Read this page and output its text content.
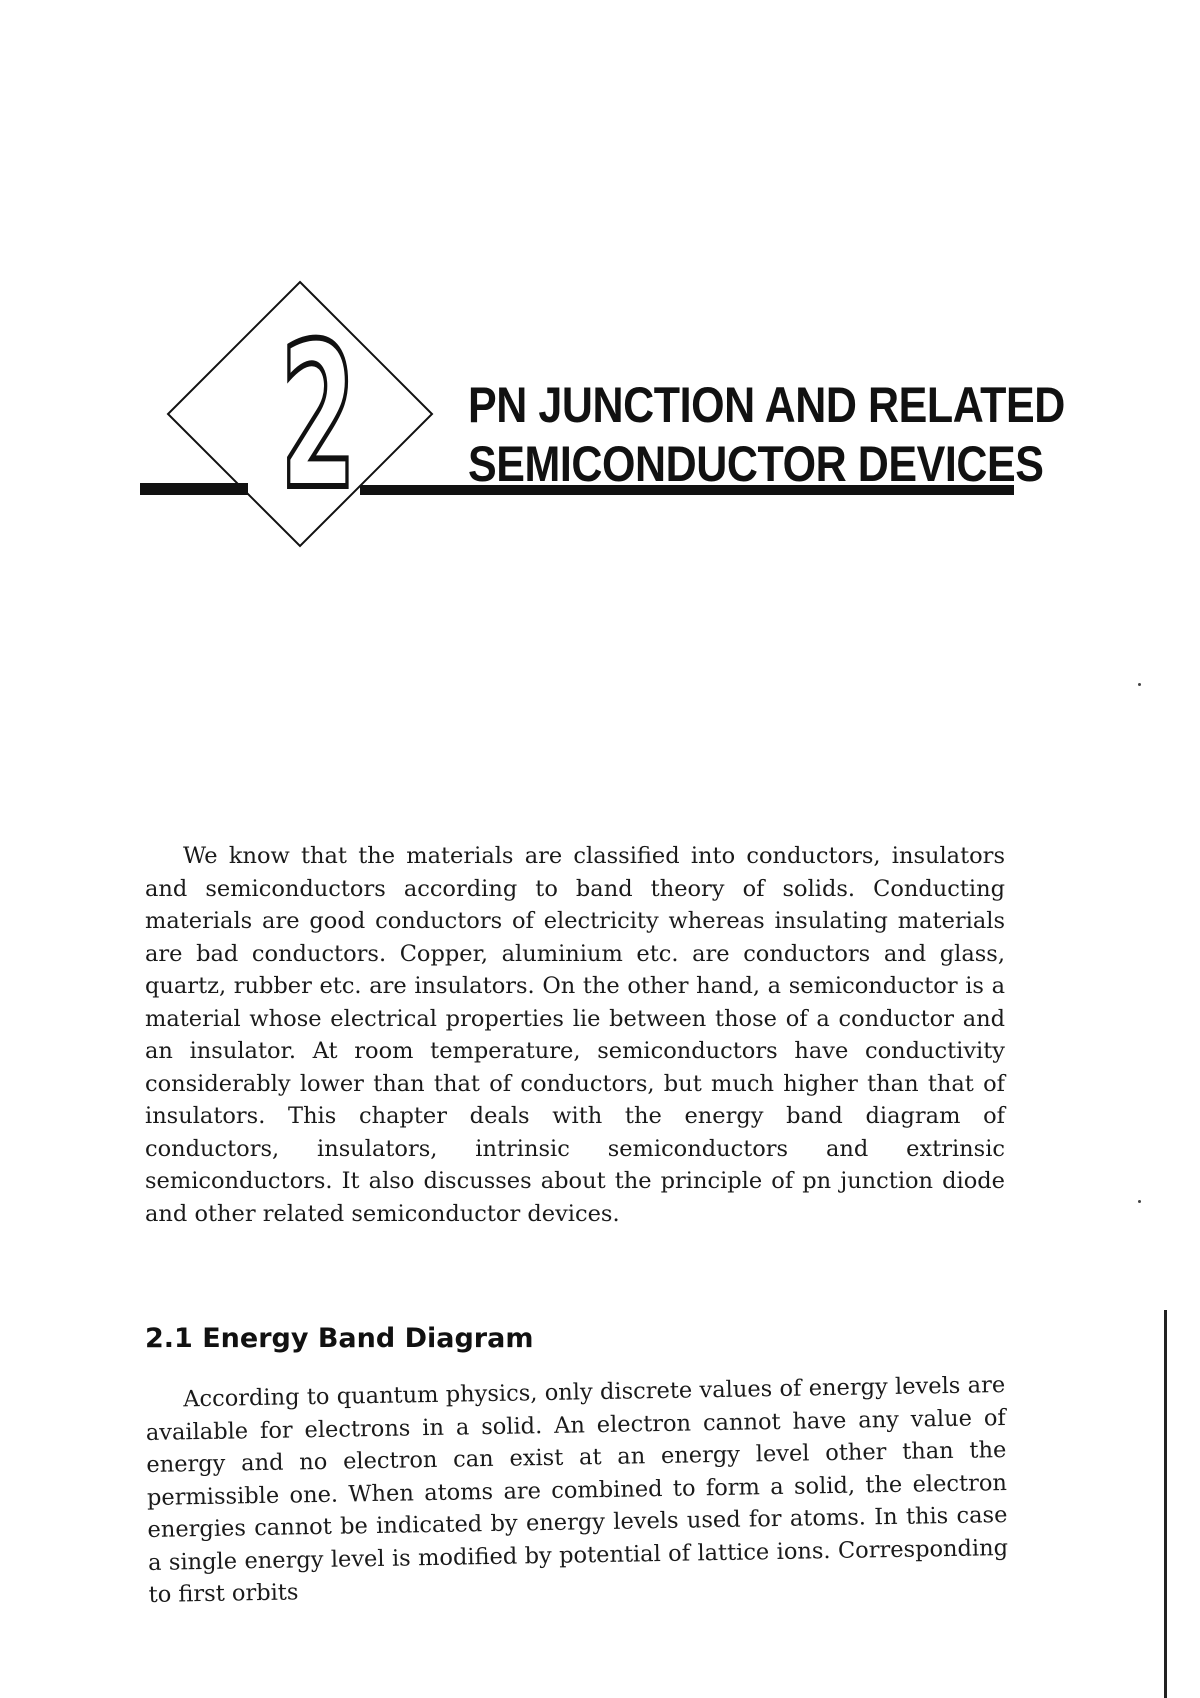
2 PN JUNCTION AND RELATED
SEMICONDUCTOR DEVICES

We know that the materials are classified into conductors, insulators and semiconductors according to band theory of solids. Conducting materials are good conductors of electricity whereas insulating materials are bad conductors. Copper, aluminium etc. are conductors and glass, quartz, rubber etc. are insulators. On the other hand, a semiconductor is a material whose electrical properties lie between those of a conductor and an insulator. At room temperature, semiconductors have conductivity considerably lower than that of conductors, but much higher than that of insulators. This chapter deals with the energy band diagram of conductors, insulators, intrinsic semiconductors and extrinsic semiconductors. It also discusses about the principle of pn junction diode and other related semiconductor devices.

2.1 Energy Band Diagram

According to quantum physics, only discrete values of energy levels are available for electrons in a solid. An electron cannot have any value of energy and no electron can exist at an energy level other than the permissible one. When atoms are combined to form a solid, the electron energies cannot be indicated by energy levels used for atoms. In this case a single energy level is modified by potential of lattice ions. Corresponding to first orbits
